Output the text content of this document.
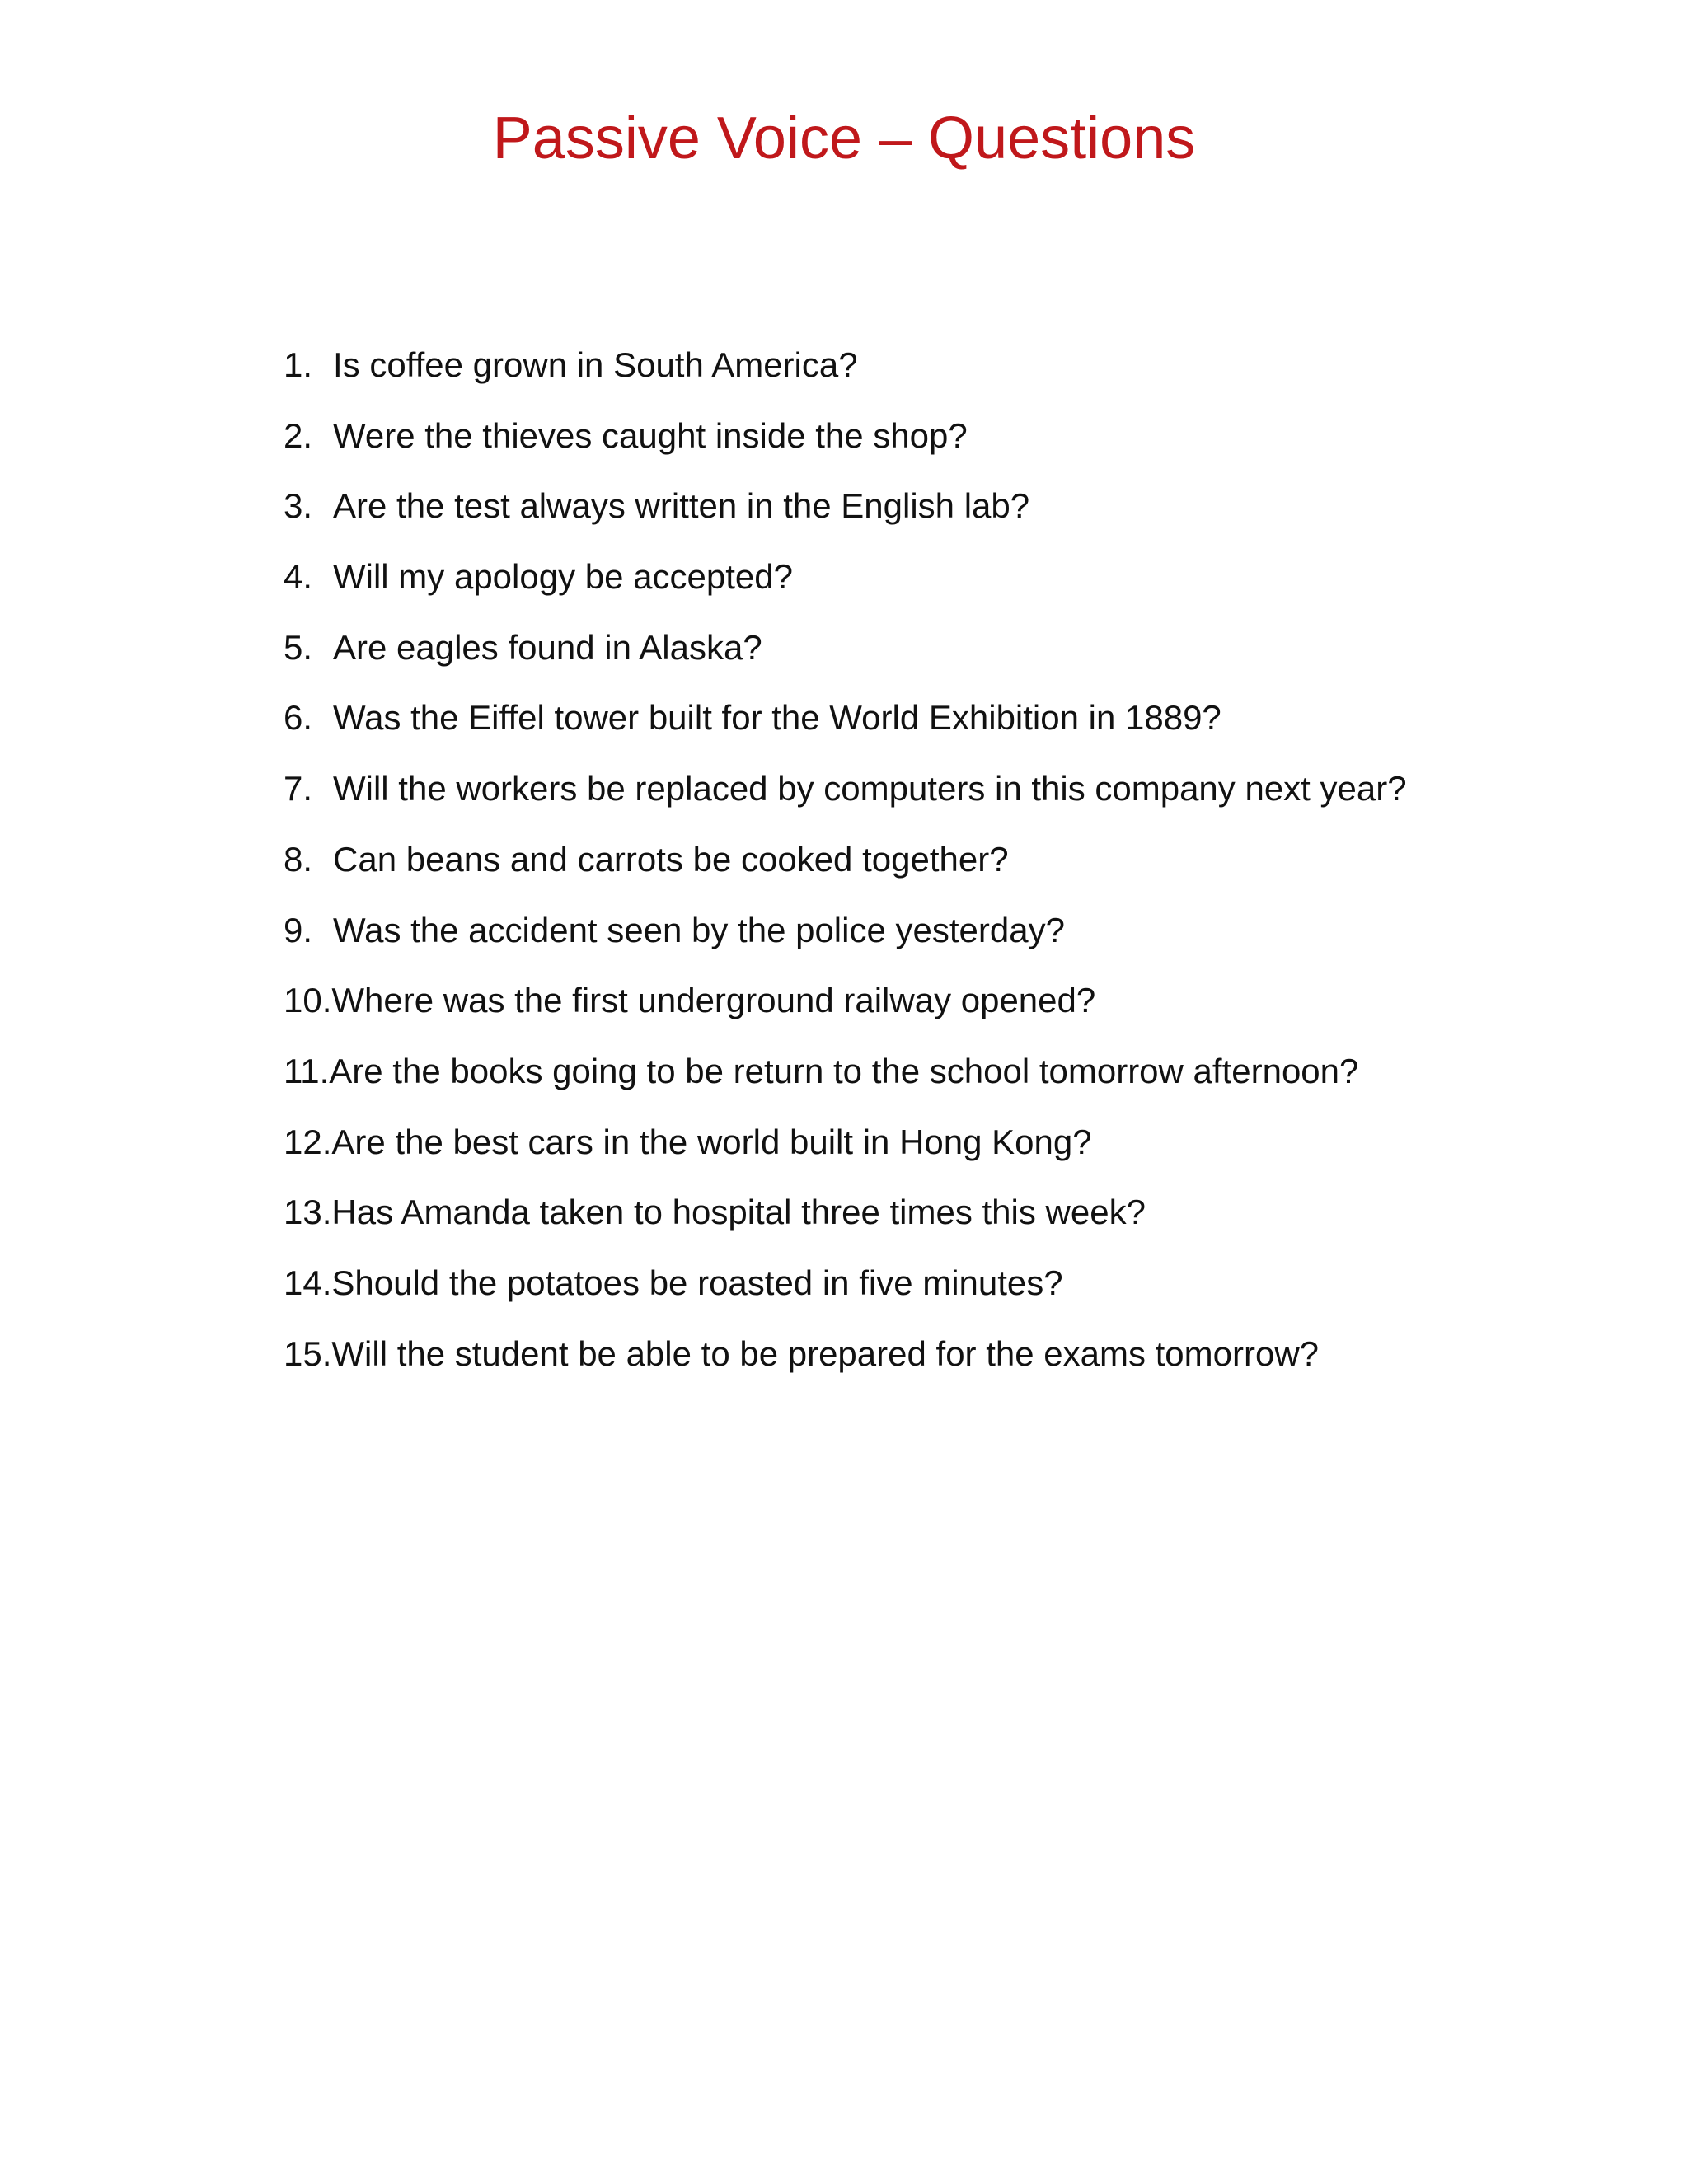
Passive Voice – Questions
1. Is coffee grown in South America?
2. Were the thieves caught inside the shop?
3. Are the test always written in the English lab?
4. Will my apology be accepted?
5. Are eagles found in Alaska?
6. Was the Eiffel tower built for the World Exhibition in 1889?
7. Will the workers be replaced by computers in this company next year?
8. Can beans and carrots be cooked together?
9. Was the accident seen by the police yesterday?
10.Where was the first underground railway opened?
11.Are the books going to be return to the school tomorrow afternoon?
12.Are the best cars in the world built in Hong Kong?
13.Has Amanda taken to hospital three times this week?
14.Should the potatoes be roasted in five minutes?
15.Will the student be able to be prepared for the exams tomorrow?
